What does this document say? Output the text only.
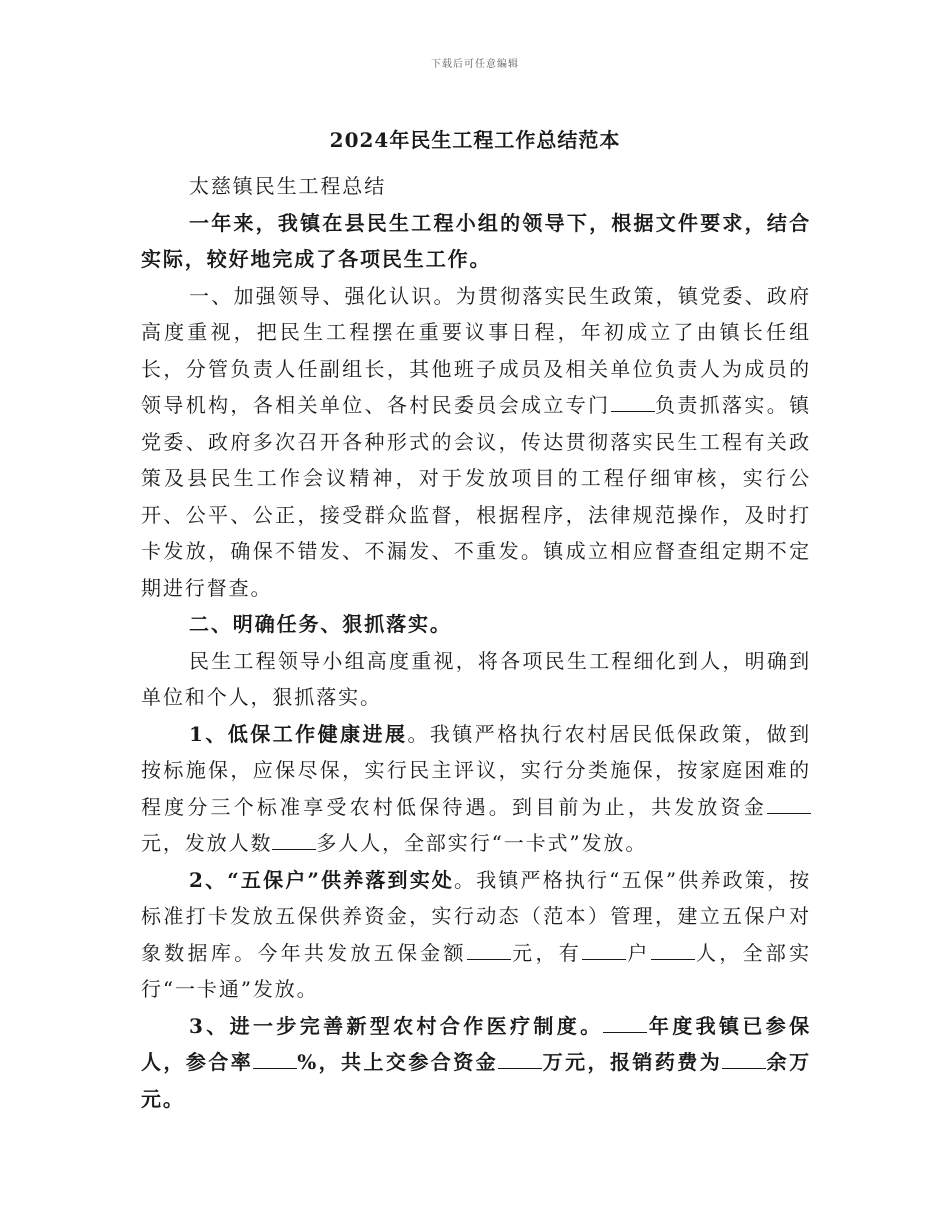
下载后可任意编辑
2024年民生工程工作总结范本

太慈镇民生工程总结

一年来，我镇在县民生工程小组的领导下，根据文件要求，结合实际，较好地完成了各项民生工作。

一、加强领导、强化认识。为贯彻落实民生政策，镇党委、政府高度重视，把民生工程摆在重要议事日程，年初成立了由镇长任组长，分管负责人任副组长，其他班子成员及相关单位负责人为成员的领导机构，各相关单位、各村民委员会成立专门 负责抓落实。镇党委、政府多次召开各种形式的会议，传达贯彻落实民生工程有关政策及县民生工作会议精神，对于发放项目的工程仔细审核，实行公开、公平、公正，接受群众监督，根据程序，法律规范操作，及时打卡发放，确保不错发、不漏发、不重发。镇成立相应督查组定期不定期进行督查。

二、明确任务、狠抓落实。

民生工程领导小组高度重视，将各项民生工程细化到人，明确到单位和个人，狠抓落实。

1、低保工作健康进展。我镇严格执行农村居民低保政策，做到按标施保，应保尽保，实行民主评议，实行分类施保，按家庭困难的程度分三个标准享受农村低保待遇。到目前为止，共发放资金元，发放人数 多人人，全部实行“一卡式”发放。

2、“五保户”供养落到实处。我镇严格执行“五保”供养政策，按标准打卡发放五保供养资金，实行动态（范本）管理，建立五保户对象数据库。今年共发放五保金额 元，有 户 人，全部实行“一卡通”发放。

3、进一步完善新型农村合作医疗制度。 年度我镇已参保人，参合率 %，共上交参合资金 万元，报销药费为 余万元。
